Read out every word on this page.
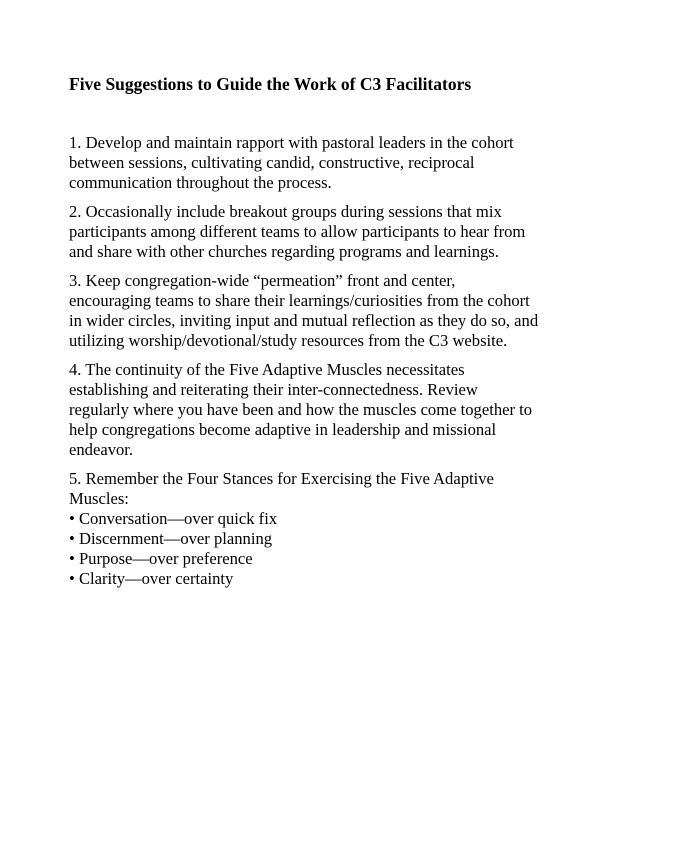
Five Suggestions to Guide the Work of C3 Facilitators
1. Develop and maintain rapport with pastoral leaders in the cohort
between sessions, cultivating candid, constructive, reciprocal
communication throughout the process.
2. Occasionally include breakout groups during sessions that mix
participants among different teams to allow participants to hear from
and share with other churches regarding programs and learnings.
3. Keep congregation-wide “permeation” front and center,
encouraging teams to share their learnings/curiosities from the cohort
in wider circles, inviting input and mutual reflection as they do so, and
utilizing worship/devotional/study resources from the C3 website.
4. The continuity of the Five Adaptive Muscles necessitates
establishing and reiterating their inter-connectedness. Review
regularly where you have been and how the muscles come together to
help congregations become adaptive in leadership and missional
endeavor.
5. Remember the Four Stances for Exercising the Five Adaptive
Muscles:
• Conversation—over quick fix
• Discernment—over planning
• Purpose—over preference
• Clarity—over certainty
